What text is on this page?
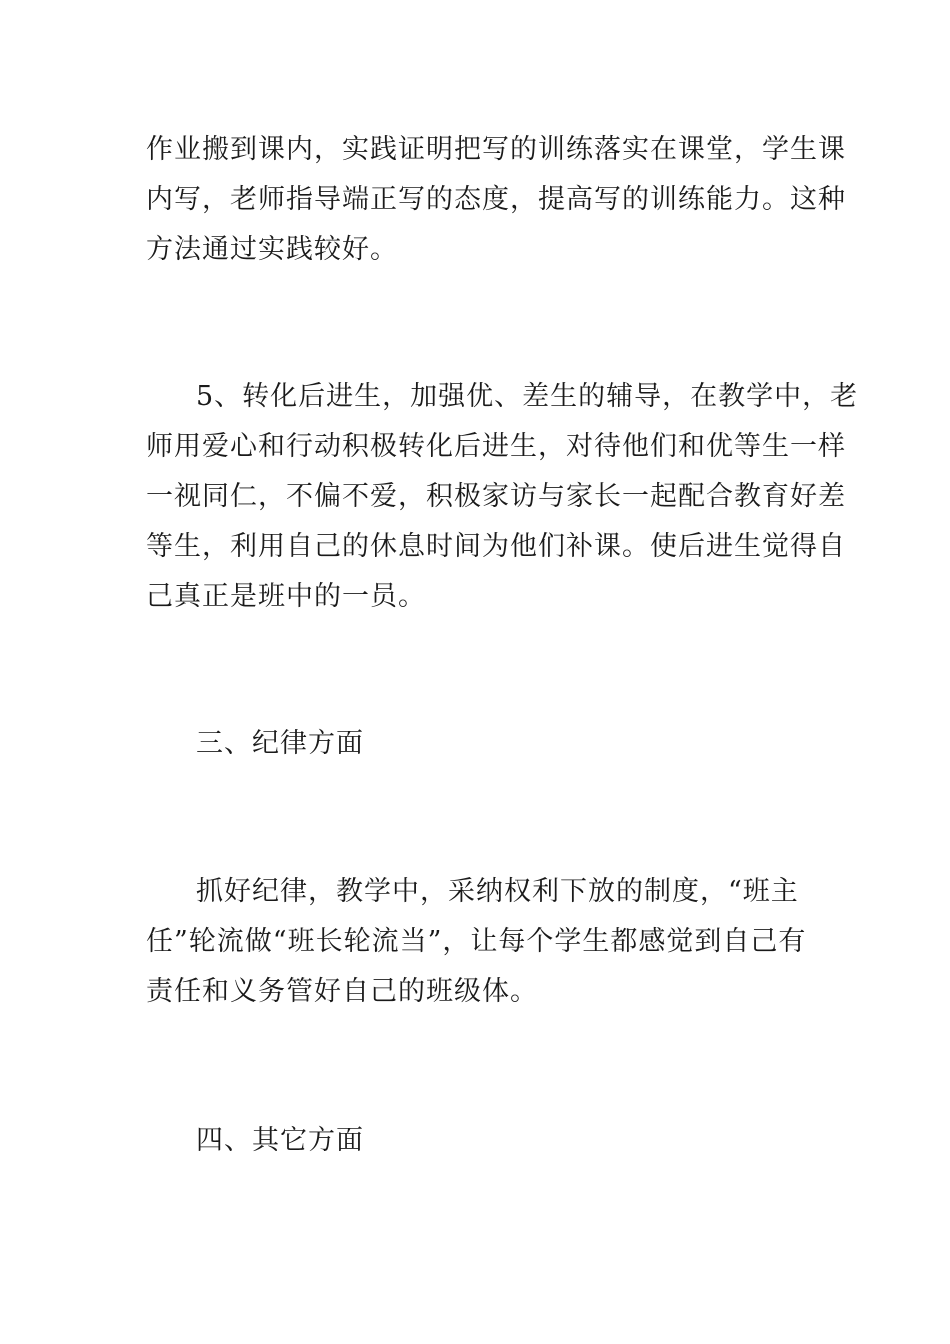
作业搬到课内，实践证明把写的训练落实在课堂，学生课
内写，老师指导端正写的态度，提高写的训练能力。这种
方法通过实践较好。
5、转化后进生，加强优、差生的辅导，在教学中，老
师用爱心和行动积极转化后进生，对待他们和优等生一样
一视同仁，不偏不爱，积极家访与家长一起配合教育好差
等生，利用自己的休息时间为他们补课。使后进生觉得自
己真正是班中的一员。
三、纪律方面
抓好纪律，教学中，采纳权利下放的制度，“班主
任”轮流做“班长轮流当”，让每个学生都感觉到自己有
责任和义务管好自己的班级体。
四、其它方面
